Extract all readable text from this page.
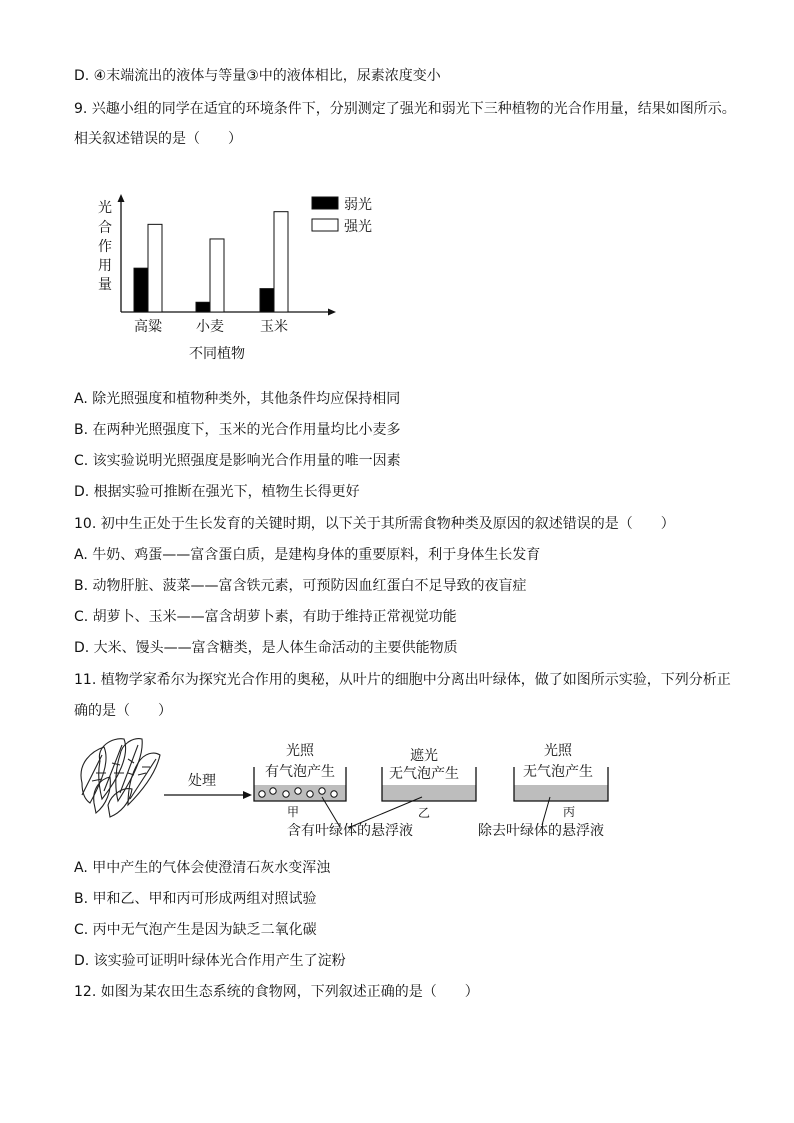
D. ④末端流出的液体与等量③中的液体相比，尿素浓度变小
9. 兴趣小组的同学在适宜的环境条件下，分别测定了强光和弱光下三种植物的光合作用量，结果如图所示。
相关叙述错误的是（　　）
光
合
作
用
量
光合作用量
高粱 小麦	玉米
不同植物
弱光
强光
A. 除光照强度和植物种类外，其他条件均应保持相同
B. 在两种光照强度下，玉米的光合作用量均比小麦多
C. 该实验说明光照强度是影响光合作用量的唯一因素
D. 根据实验可推断在强光下，植物生长得更好
10. 初中生正处于生长发育的关键时期，以下关于其所需食物种类及原因的叙述错误的是（　　）
A. 牛奶、鸡蛋——富含蛋白质，是建构身体的重要原料，利于身体生长发育
B. 动物肝脏、菠菜——富含铁元素，可预防因血红蛋白不足导致的夜盲症
C. 胡萝卜、玉米——富含胡萝卜素，有助于维持正常视觉功能
D. 大米、馒头——富含糖类，是人体生命活动的主要供能物质
11. 植物学家希尔为探究光合作用的奥秘，从叶片的细胞中分离出叶绿体，做了如图所示实验，下列分析正
确的是（　　）
处理
光照
有气泡产生
甲
遮光
无气泡产生
乙
光照
无气泡产生
丙
含有叶绿体的悬浮液	除去叶绿体的悬浮液
A. 甲中产生的气体会使澄清石灰水变浑浊
B. 甲和乙、甲和丙可形成两组对照试验
C. 丙中无气泡产生是因为缺乏二氧化碳
D. 该实验可证明叶绿体光合作用产生了淀粉
12. 如图为某农田生态系统的食物网，下列叙述正确的是（　　）
